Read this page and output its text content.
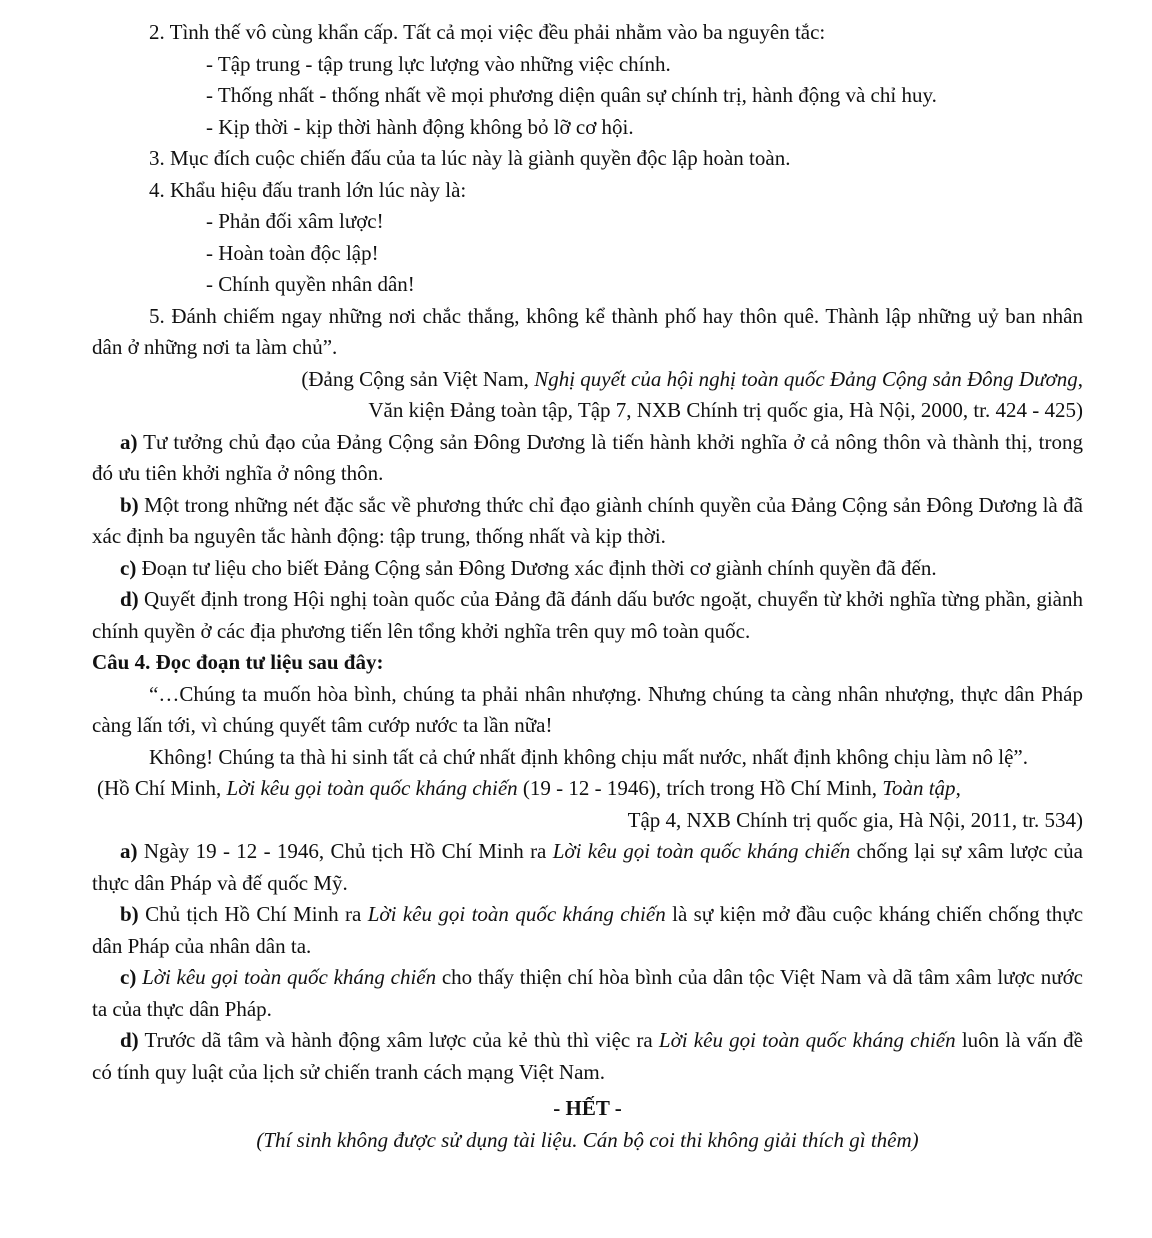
2. Tình thế vô cùng khẩn cấp. Tất cả mọi việc đều phải nhằm vào ba nguyên tắc:

- Tập trung - tập trung lực lượng vào những việc chính.

- Thống nhất - thống nhất về mọi phương diện quân sự chính trị, hành động và chỉ huy.

- Kịp thời - kịp thời hành động không bỏ lỡ cơ hội.

3. Mục đích cuộc chiến đấu của ta lúc này là giành quyền độc lập hoàn toàn.

4. Khẩu hiệu đấu tranh lớn lúc này là:

- Phản đối xâm lược!

- Hoàn toàn độc lập!

- Chính quyền nhân dân!

5. Đánh chiếm ngay những nơi chắc thắng, không kể thành phố hay thôn quê. Thành lập những uỷ ban nhân dân ở những nơi ta làm chủ”.

(Đảng Cộng sản Việt Nam, Nghị quyết của hội nghị toàn quốc Đảng Cộng sản Đông Dương,

Văn kiện Đảng toàn tập, Tập 7, NXB Chính trị quốc gia, Hà Nội, 2000, tr. 424 - 425)

a) Tư tưởng chủ đạo của Đảng Cộng sản Đông Dương là tiến hành khởi nghĩa ở cả nông thôn và thành thị, trong đó ưu tiên khởi nghĩa ở nông thôn.

b) Một trong những nét đặc sắc về phương thức chỉ đạo giành chính quyền của Đảng Cộng sản Đông Dương là đã xác định ba nguyên tắc hành động: tập trung, thống nhất và kịp thời.

c) Đoạn tư liệu cho biết Đảng Cộng sản Đông Dương xác định thời cơ giành chính quyền đã đến.

d) Quyết định trong Hội nghị toàn quốc của Đảng đã đánh dấu bước ngoặt, chuyển từ khởi nghĩa từng phần, giành chính quyền ở các địa phương tiến lên tổng khởi nghĩa trên quy mô toàn quốc.

Câu 4. Đọc đoạn tư liệu sau đây:

“…Chúng ta muốn hòa bình, chúng ta phải nhân nhượng. Nhưng chúng ta càng nhân nhượng, thực dân Pháp càng lấn tới, vì chúng quyết tâm cướp nước ta lần nữa!

Không! Chúng ta thà hi sinh tất cả chứ nhất định không chịu mất nước, nhất định không chịu làm nô lệ”.

(Hồ Chí Minh, Lời kêu gọi toàn quốc kháng chiến (19 - 12 - 1946), trích trong Hồ Chí Minh, Toàn tập,

Tập 4, NXB Chính trị quốc gia, Hà Nội, 2011, tr. 534)

a) Ngày 19 - 12 - 1946, Chủ tịch Hồ Chí Minh ra Lời kêu gọi toàn quốc kháng chiến chống lại sự xâm lược của thực dân Pháp và đế quốc Mỹ.

b) Chủ tịch Hồ Chí Minh ra Lời kêu gọi toàn quốc kháng chiến là sự kiện mở đầu cuộc kháng chiến chống thực dân Pháp của nhân dân ta.

c) Lời kêu gọi toàn quốc kháng chiến cho thấy thiện chí hòa bình của dân tộc Việt Nam và dã tâm xâm lược nước ta của thực dân Pháp.

d) Trước dã tâm và hành động xâm lược của kẻ thù thì việc ra Lời kêu gọi toàn quốc kháng chiến luôn là vấn đề có tính quy luật của lịch sử chiến tranh cách mạng Việt Nam.

- HẾT -

(Thí sinh không được sử dụng tài liệu. Cán bộ coi thi không giải thích gì thêm)
